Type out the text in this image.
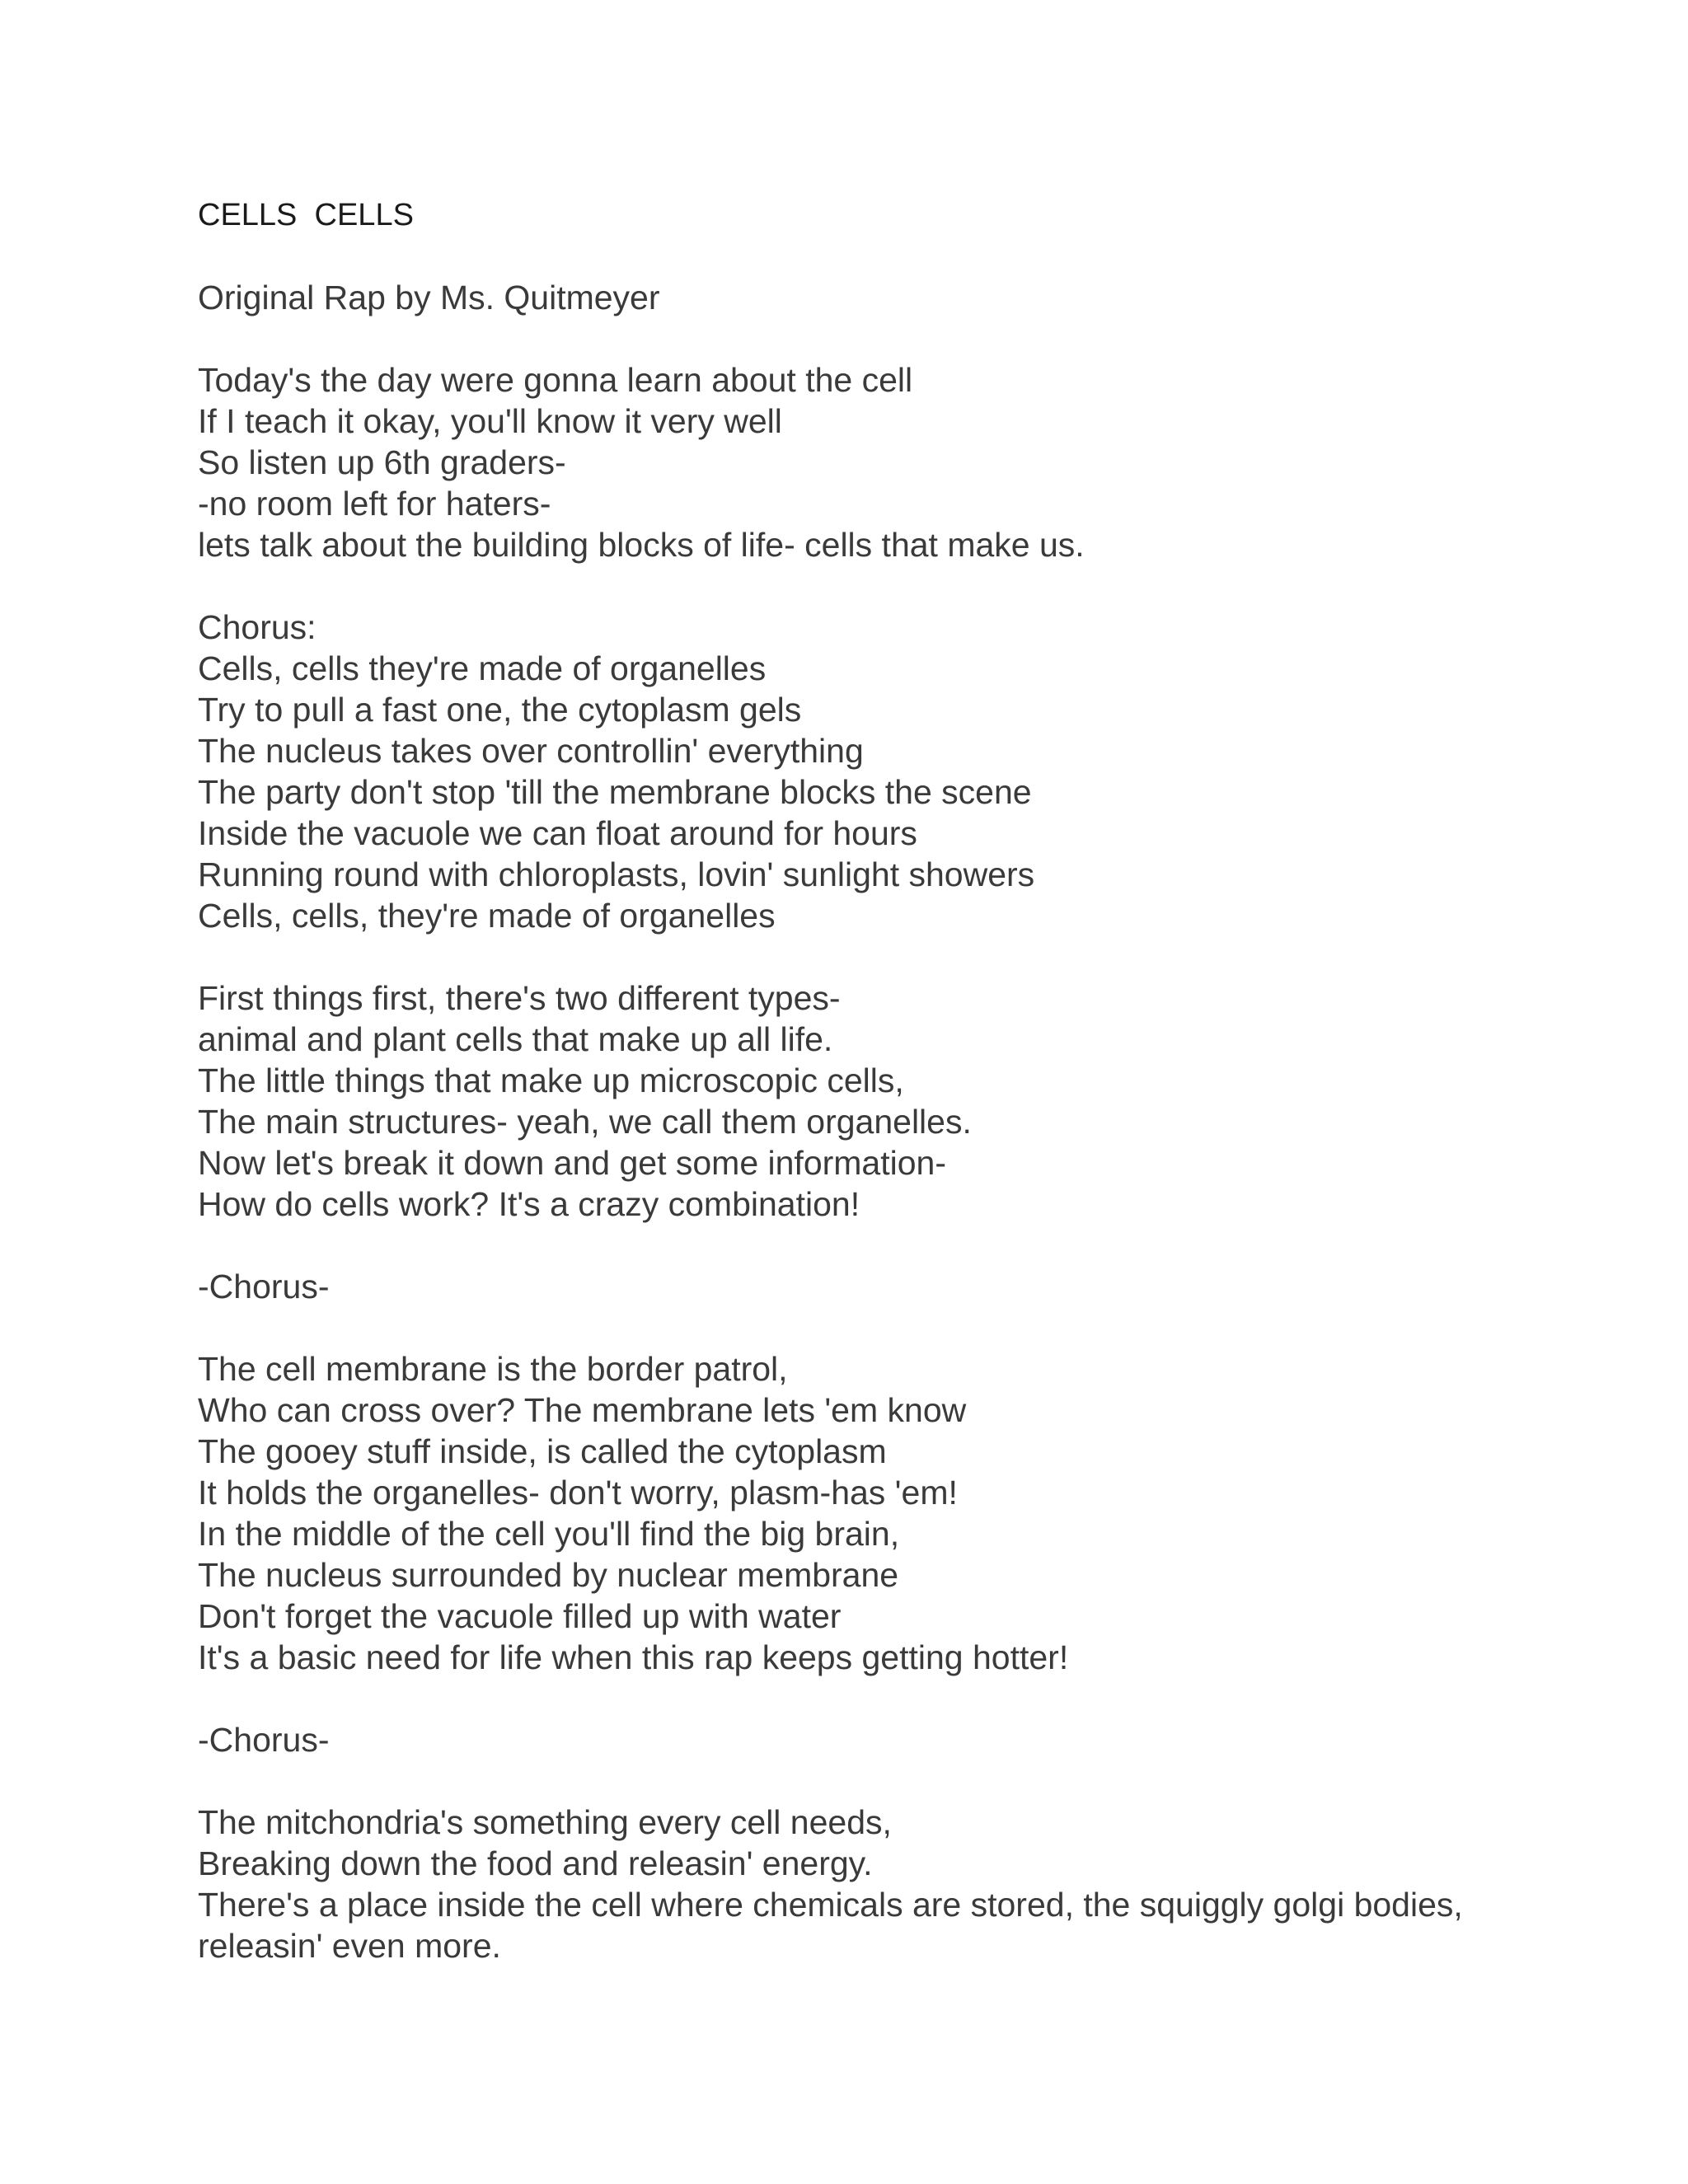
CELLS  CELLS
Original Rap by Ms. Quitmeyer
Today's the day were gonna learn about the cell
If I teach it okay, you'll know it very well
So listen up 6th graders-
-no room left for haters-
lets talk about the building blocks of life- cells that make us.
Chorus:
Cells, cells they're made of organelles
Try to pull a fast one, the cytoplasm gels
The nucleus takes over controllin' everything
The party don't stop 'till the membrane blocks the scene
Inside the vacuole we can float around for hours
Running round with chloroplasts, lovin' sunlight showers
Cells, cells, they're made of organelles
First things first, there's two different types-
animal and plant cells that make up all life.
The little things that make up microscopic cells,
The main structures- yeah, we call them organelles.
Now let's break it down and get some information-
How do cells work? It's a crazy combination!
-Chorus-
The cell membrane is the border patrol,
Who can cross over? The membrane lets 'em know
The gooey stuff inside, is called the cytoplasm
It holds the organelles- don't worry, plasm-has 'em!
In the middle of the cell you'll find the big brain,
The nucleus surrounded by nuclear membrane
Don't forget the vacuole filled up with water
It's a basic need for life when this rap keeps getting hotter!
-Chorus-
The mitchondria's something every cell needs,
Breaking down the food and releasin' energy.
There's a place inside the cell where chemicals are stored, the squiggly golgi bodies, releasin' even more.
